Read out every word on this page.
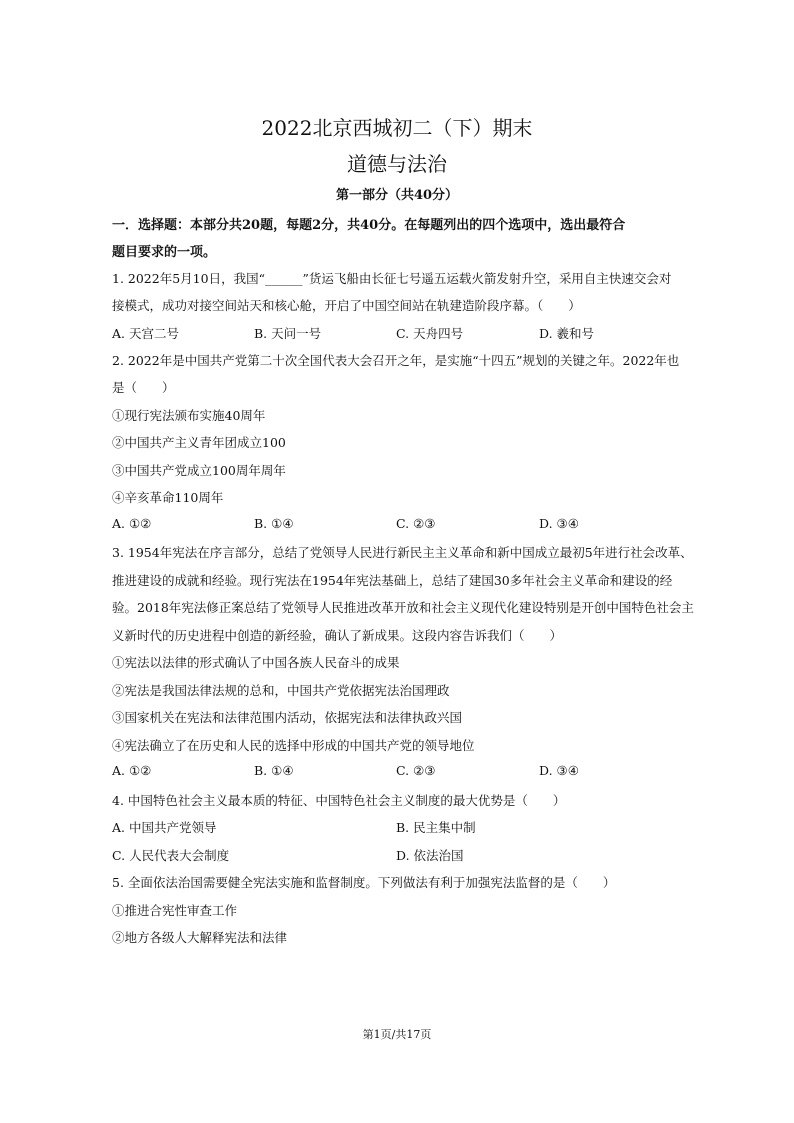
2022北京西城初二（下）期末
道德与法治
第一部分（共40分）
一．选择题：本部分共20题，每题2分，共40分。在每题列出的四个选项中，选出最符合
题目要求的一项。
1. 2022年5月10日，我国“______”货运飞船由长征七号遥五运载火箭发射升空，采用自主快速交会对
接模式，成功对接空间站天和核心舱，开启了中国空间站在轨建造阶段序幕。（　　）
A. 天宫二号	B. 天问一号	C. 天舟四号	D. 羲和号
2. 2022年是中国共产党第二十次全国代表大会召开之年，是实施“十四五”规划的关键之年。2022年也
是（　　）
①现行宪法颁布实施40周年
②中国共产主义青年团成立100
③中国共产党成立100周年周年
④辛亥革命110周年
A. ①②	B. ①④	C. ②③	D. ③④
3. 1954年宪法在序言部分，总结了党领导人民进行新民主主义革命和新中国成立最初5年进行社会改革、
推进建设的成就和经验。现行宪法在1954年宪法基础上，总结了建国30多年社会主义革命和建设的经
验。2018年宪法修正案总结了党领导人民推进改革开放和社会主义现代化建设特别是开创中国特色社会主
义新时代的历史进程中创造的新经验，确认了新成果。这段内容告诉我们（　　）
①宪法以法律的形式确认了中国各族人民奋斗的成果
②宪法是我国法律法规的总和，中国共产党依据宪法治国理政
③国家机关在宪法和法律范围内活动，依据宪法和法律执政兴国
④宪法确立了在历史和人民的选择中形成的中国共产党的领导地位
A. ①②	B. ①④	C. ②③	D. ③④
4. 中国特色社会主义最本质的特征、中国特色社会主义制度的最大优势是（　　）
A. 中国共产党领导	B. 民主集中制
C. 人民代表大会制度	D. 依法治国
5. 全面依法治国需要健全宪法实施和监督制度。下列做法有利于加强宪法监督的是（　　）
①推进合宪性审查工作
②地方各级人大解释宪法和法律
第1页/共17页
